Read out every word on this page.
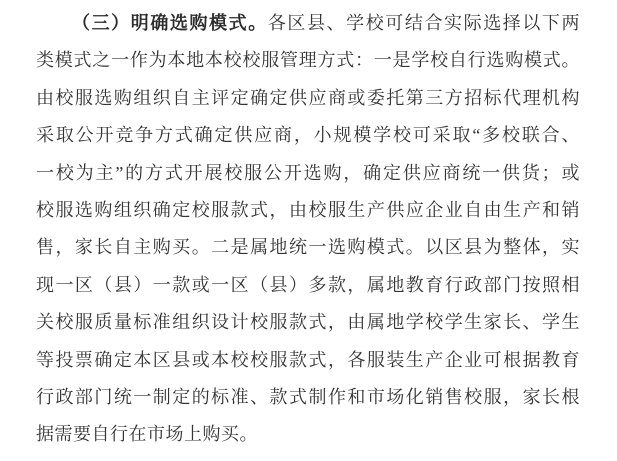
（三）明确选购模式。各区县、学校可结合实际选择以下两
类模式之一作为本地本校校服管理方式：一是学校自行选购模式。
由校服选购组织自主评定确定供应商或委托第三方招标代理机构
采取公开竞争方式确定供应商，小规模学校可采取“多校联合、
一校为主”的方式开展校服公开选购，确定供应商统一供货；或
校服选购组织确定校服款式，由校服生产供应企业自由生产和销
售，家长自主购买。二是属地统一选购模式。以区县为整体，实
现一区（县）一款或一区（县）多款，属地教育行政部门按照相
关校服质量标准组织设计校服款式，由属地学校学生家长、学生
等投票确定本区县或本校校服款式，各服装生产企业可根据教育
行政部门统一制定的标准、款式制作和市场化销售校服，家长根
据需要自行在市场上购买。
